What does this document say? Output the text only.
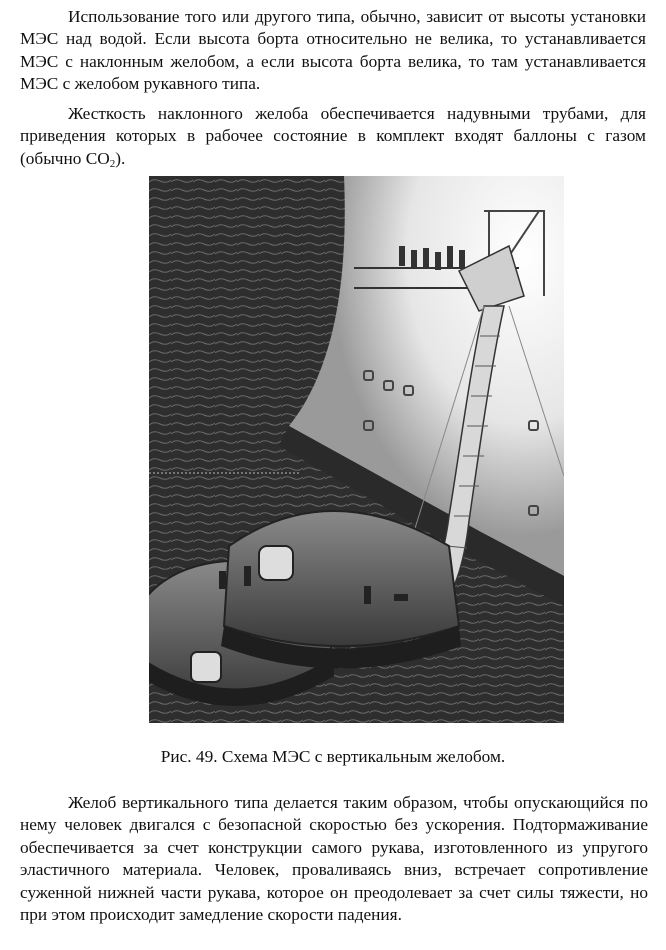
Использование того или другого типа, обычно, зависит от высоты установки МЭС над водой. Если высота борта относительно не велика, то устанавливается МЭС с наклонным желобом, а если высота борта велика, то там устанавливается МЭС с желобом рукавного типа.

Жесткость наклонного желоба обеспечивается надувными трубами, для приведения которых в рабочее состояние в комплект входят баллоны с газом (обычно $CO_2$).

Рис. 49. Схема МЭС с вертикальным желобом.

Желоб вертикального типа делается таким образом, чтобы опускающийся по нему человек двигался с безопасной скоростью без ускорения. Подтормаживание обеспечивается за счет конструкции самого рукава, изготовленного из упругого эластичного материала. Человек, проваливаясь вниз, встречает сопротивление суженной нижней части рукава, которое он преодолевает за счет силы тяжести, но при этом происходит замедление скорости падения.
